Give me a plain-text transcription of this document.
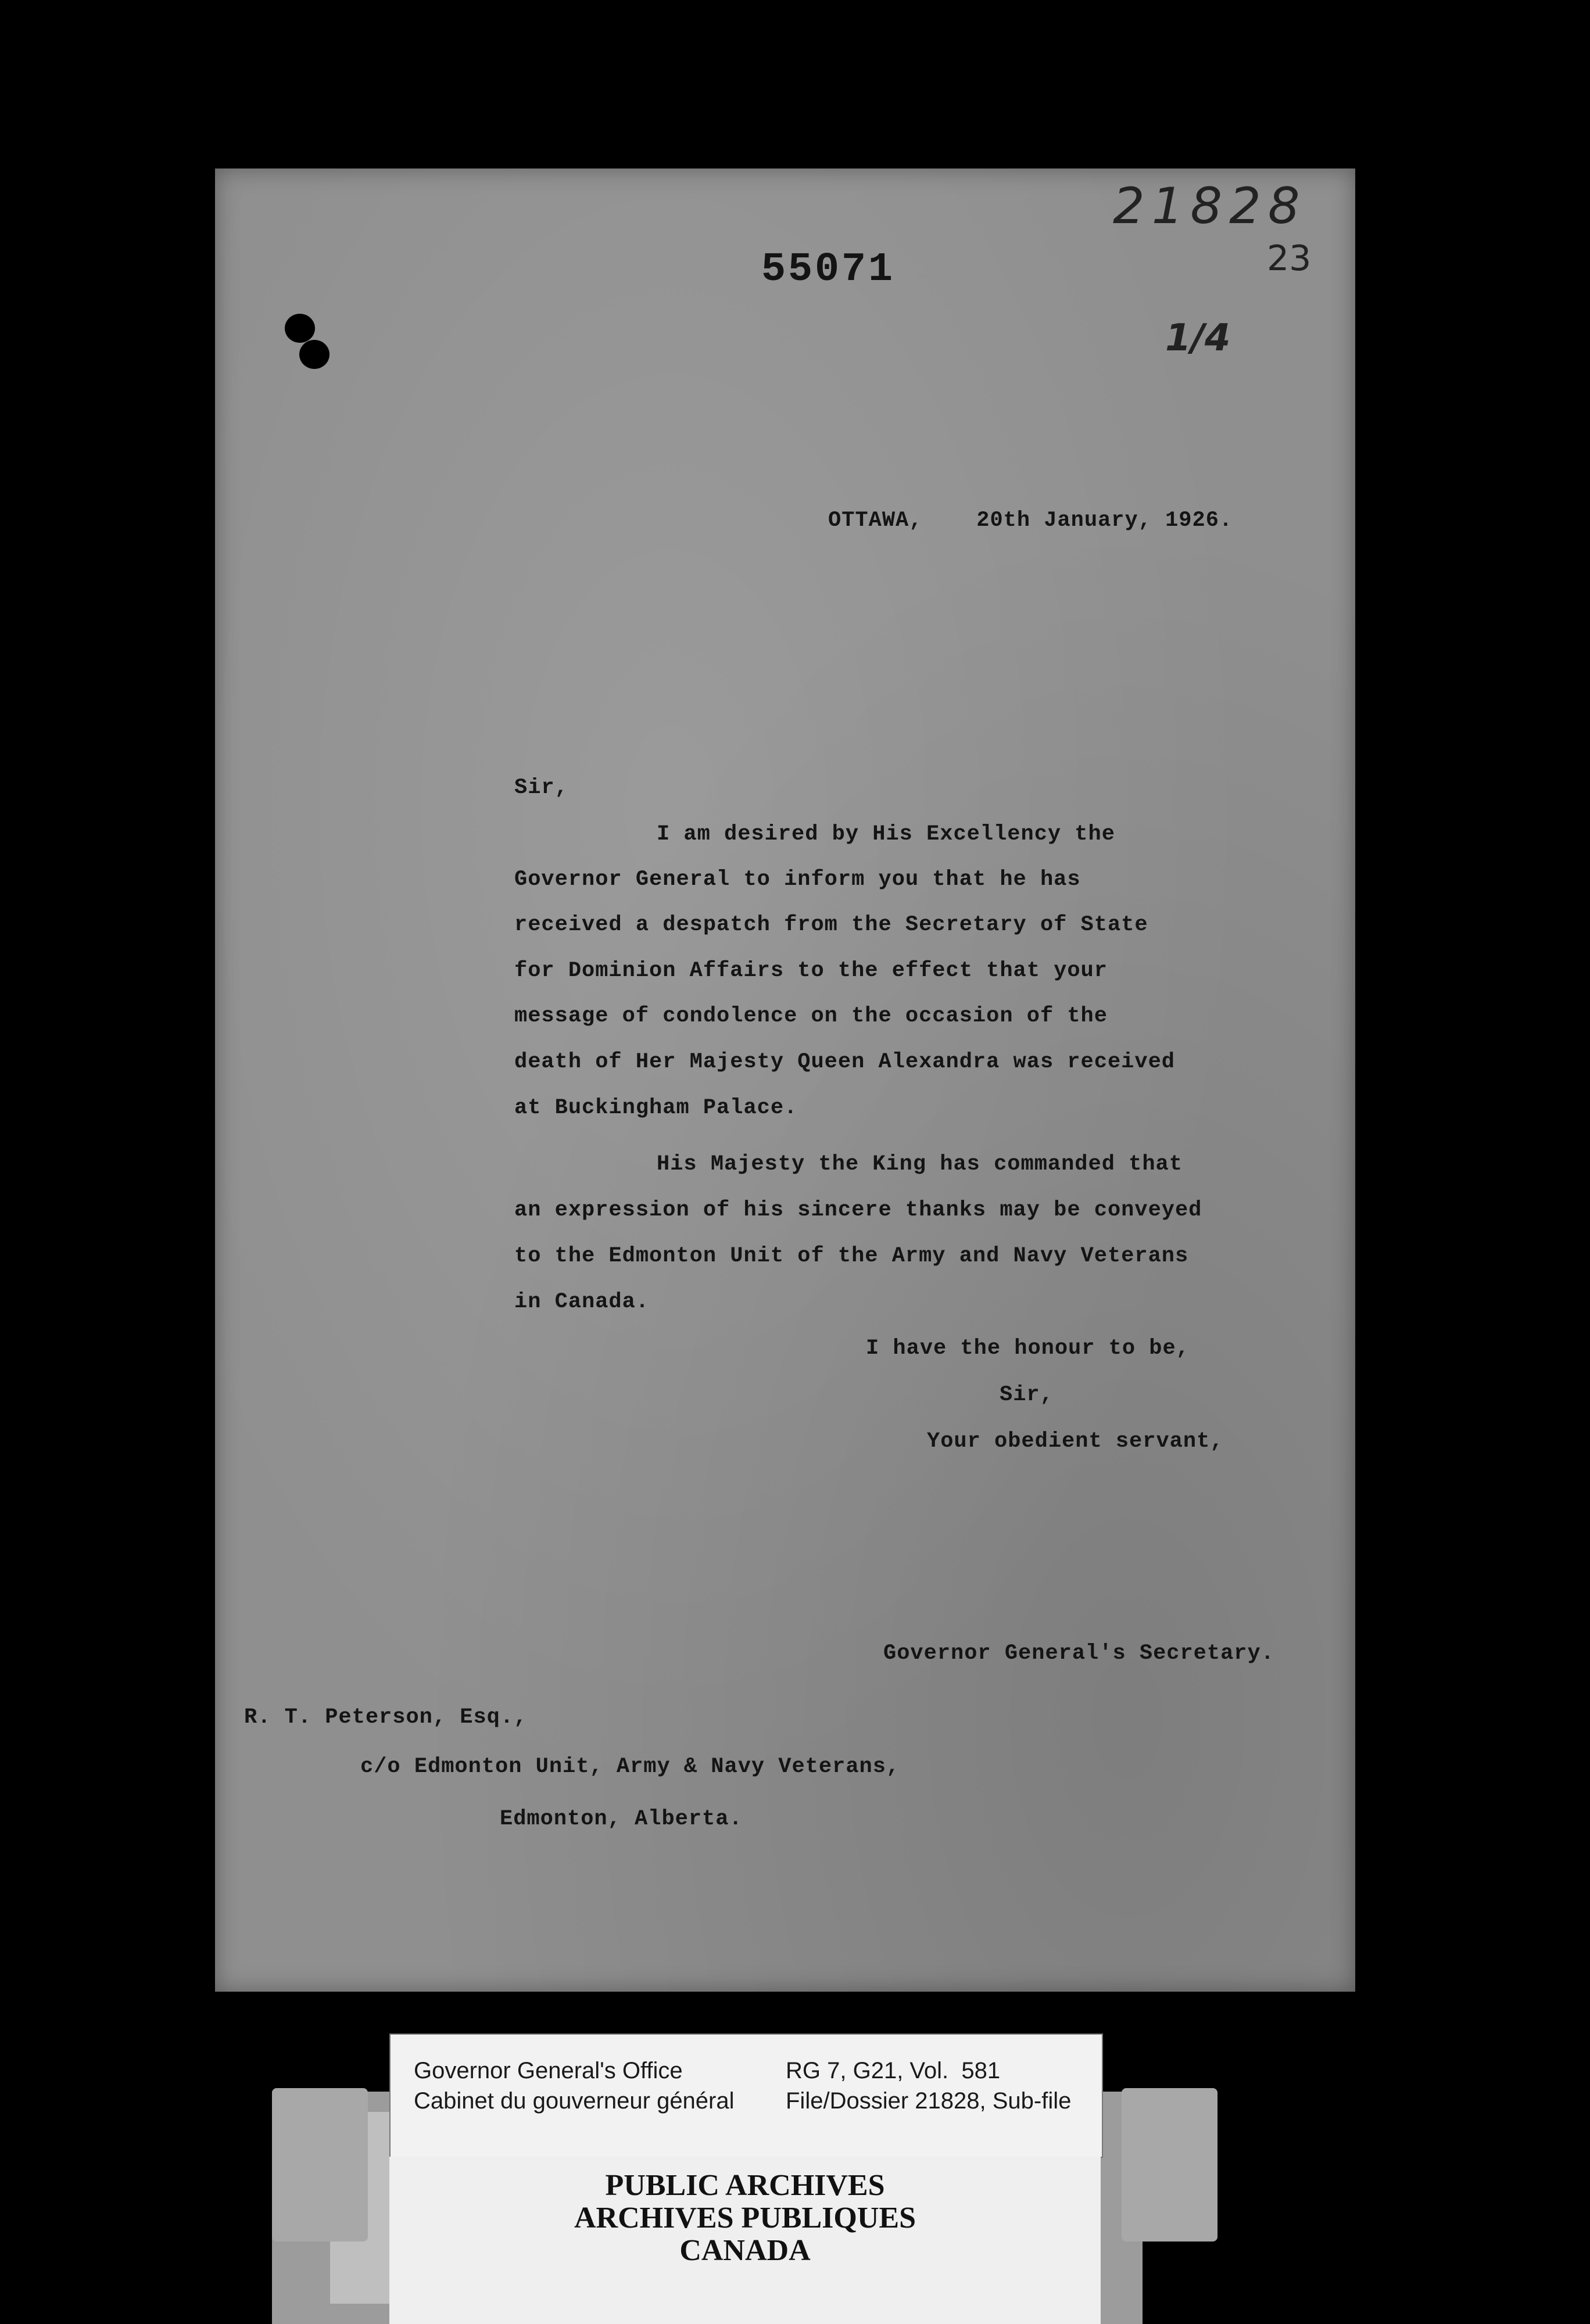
21828
23
1/4
55071
OTTAWA,    20th January, 1926.
Sir,
I am desired by His Excellency the
Governor General to inform you that he has
received a despatch from the Secretary of State
for Dominion Affairs to the effect that your
message of condolence on the occasion of the
death of Her Majesty Queen Alexandra was received
at Buckingham Palace.
His Majesty the King has commanded that
an expression of his sincere thanks may be conveyed
to the Edmonton Unit of the Army and Navy Veterans
in Canada.
I have the honour to be,
Sir,
Your obedient servant,
Governor General's Secretary.
R. T. Peterson, Esq.,
c/o Edmonton Unit, Army & Navy Veterans,
Edmonton, Alberta.
Governor General's Office
Cabinet du gouverneur général
RG 7, G21, Vol.  581
File/Dossier 21828, Sub-file
PUBLIC ARCHIVES
ARCHIVES PUBLIQUES
CANADA
